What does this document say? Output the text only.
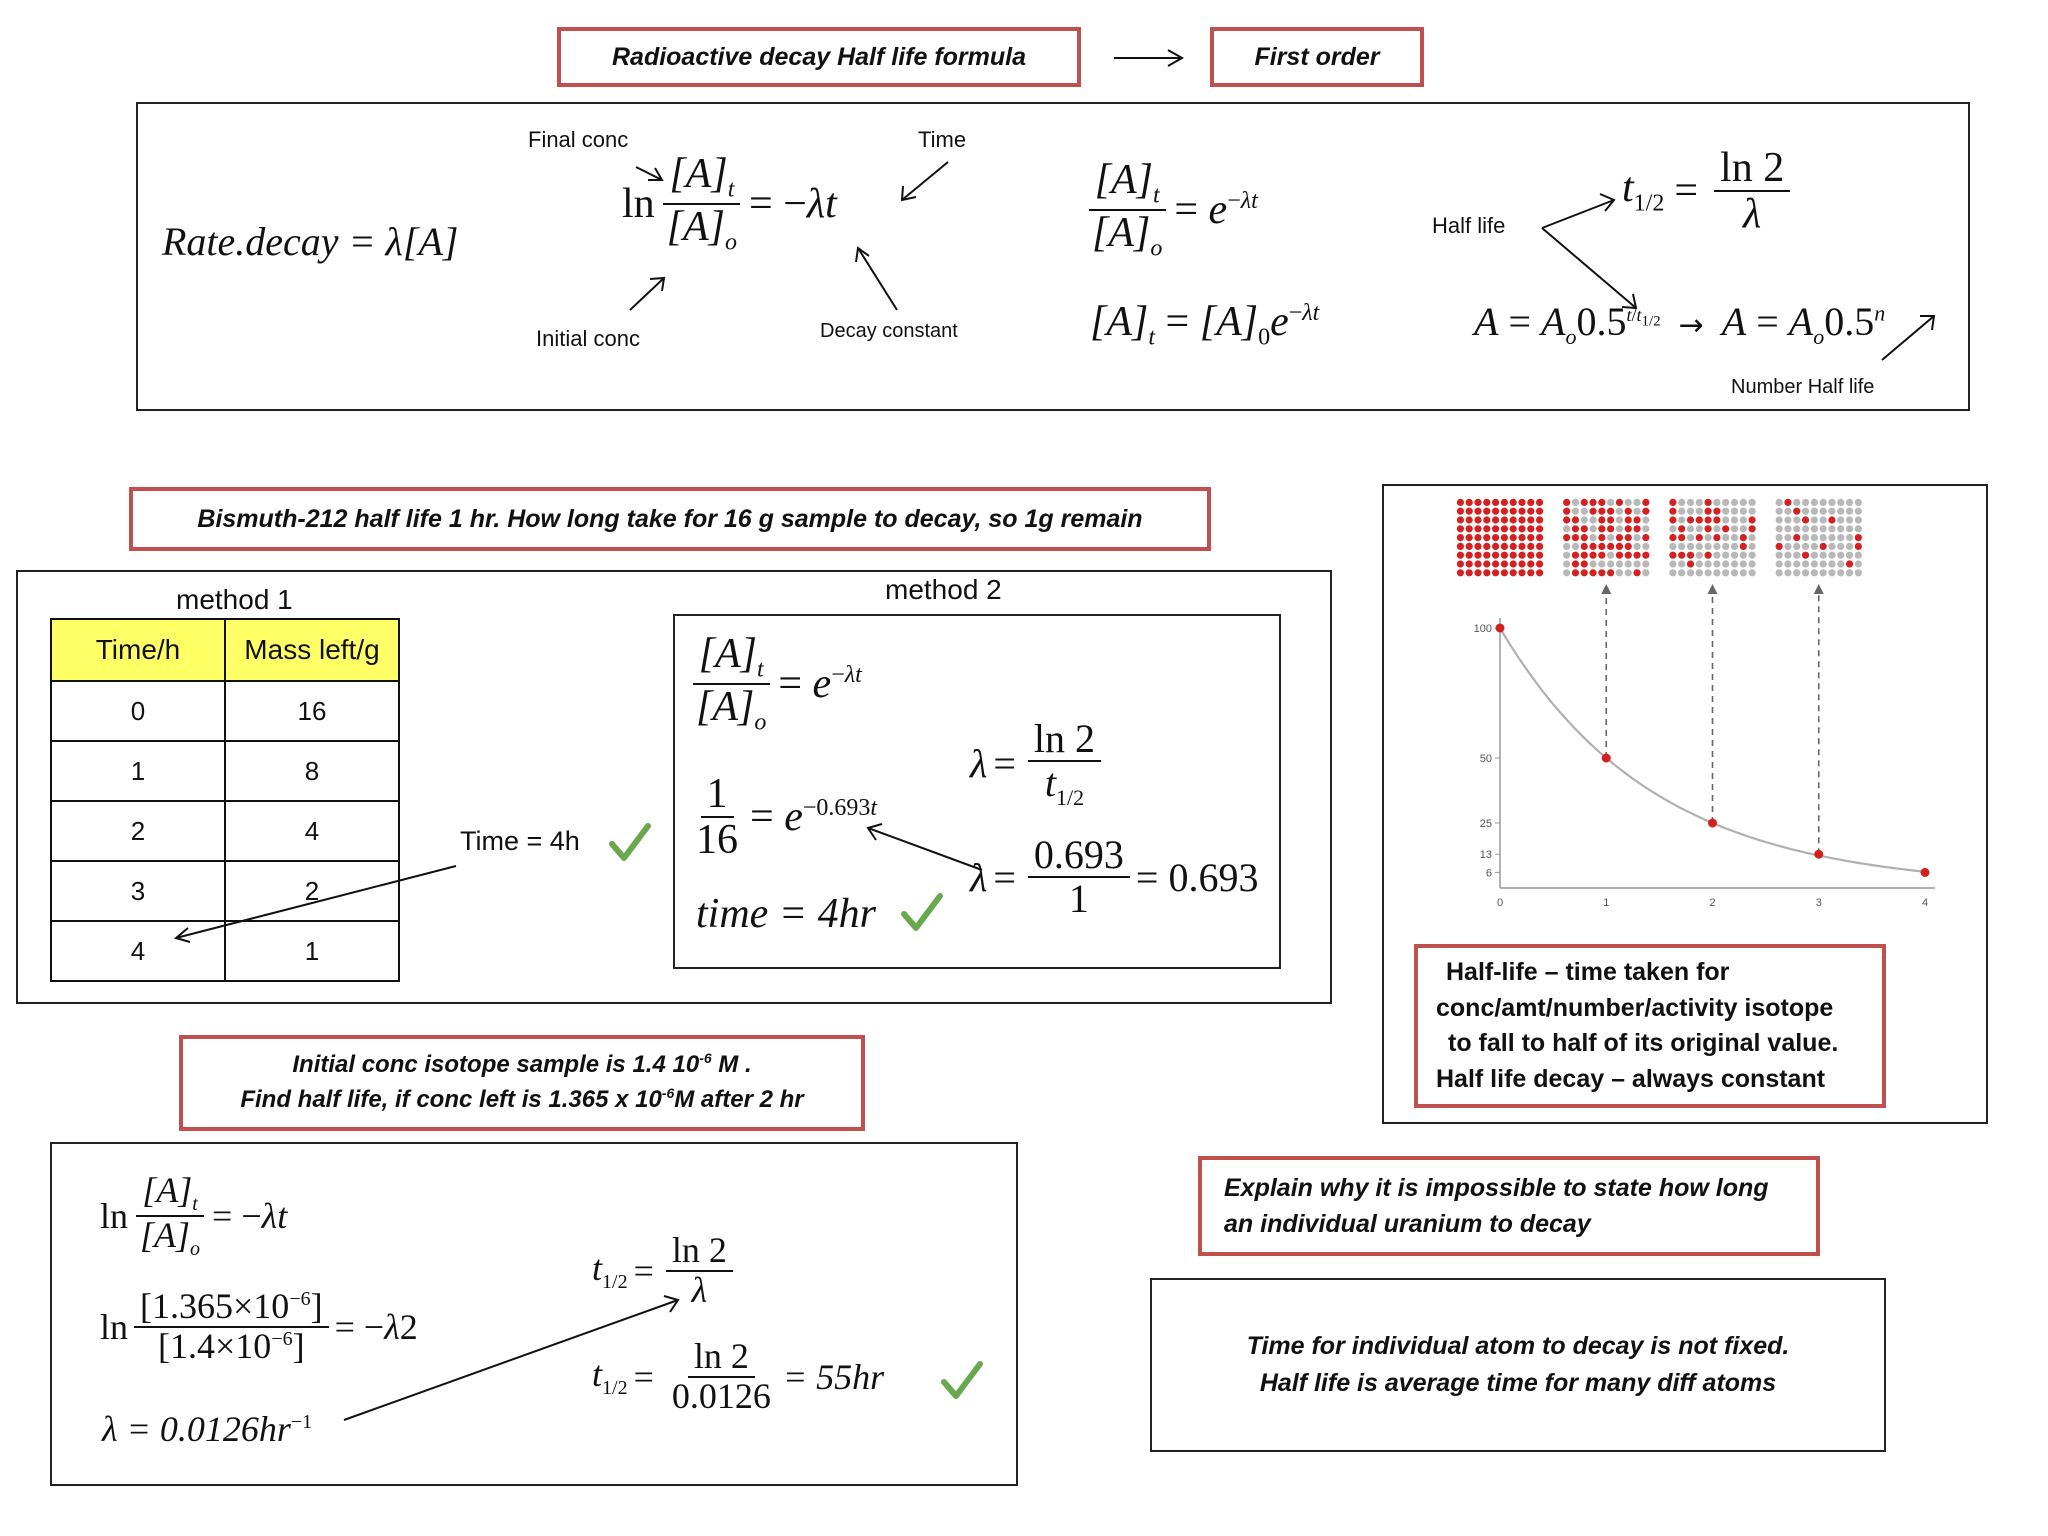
Radioactive decay Half life formula	First order
Rate.decay = λ[A]
Final conc
Initial conc
Time
Decay constant
$\ln \frac{[A]_t}{[A]_o} = -\lambda t$	$\frac{[A]_t}{[A]_o} = e^{-\lambda t}$
$[A]_t = [A]_0e^{-\lambda t}$
Half life
$t_{1/2} = \frac{\ln 2}{\lambda}$
$A = A_o0.5^{t/t_{1/2}} \to A = A_o0.5^n$
Number Half life
Bismuth-212 half life 1 hr. How long take for 16 g sample to decay, so 1g remain
method 1	method 2
Time/h	Mass left/g
0	16
1	8
2	4
3	2
4	1
Time = 4h
$\frac{[A]_t}{[A]_o} = e^{-\lambda t}$
$\frac{1}{16} = e^{-0.693t}$
time = 4hr
$\lambda = \frac{\ln 2}{t_{1/2}}$
$\lambda = \frac{0.693}{1} = 0.693$
Initial conc isotope sample is 1.4 $10^{-6}$ M .
Find half life, if conc left is 1.365 x $10^{-6}M$ after 2 hr
$\ln \frac{[A]_t}{[A]_o} = -\lambda t$
$\ln \frac{[1.365\times 10^{-6}]}{[1.4\times 10^{-6}]} = -\lambda 2$
$\lambda = 0.0126hr^{-1}$
$t_{1/2} = \frac{\ln 2}{\lambda}$
$t_{1/2} = \frac{\ln 2}{0.0126} = 55hr$
100
50
25
13
6
0	1	2	3	4
Half-life – time taken for
conc/amt/number/activity isotope
to fall to half of its original value.
Half life decay – always constant
Explain why it is impossible to state how long
an individual uranium to decay
Time for individual atom to decay is not fixed.
Half life is average time for many diff atoms
